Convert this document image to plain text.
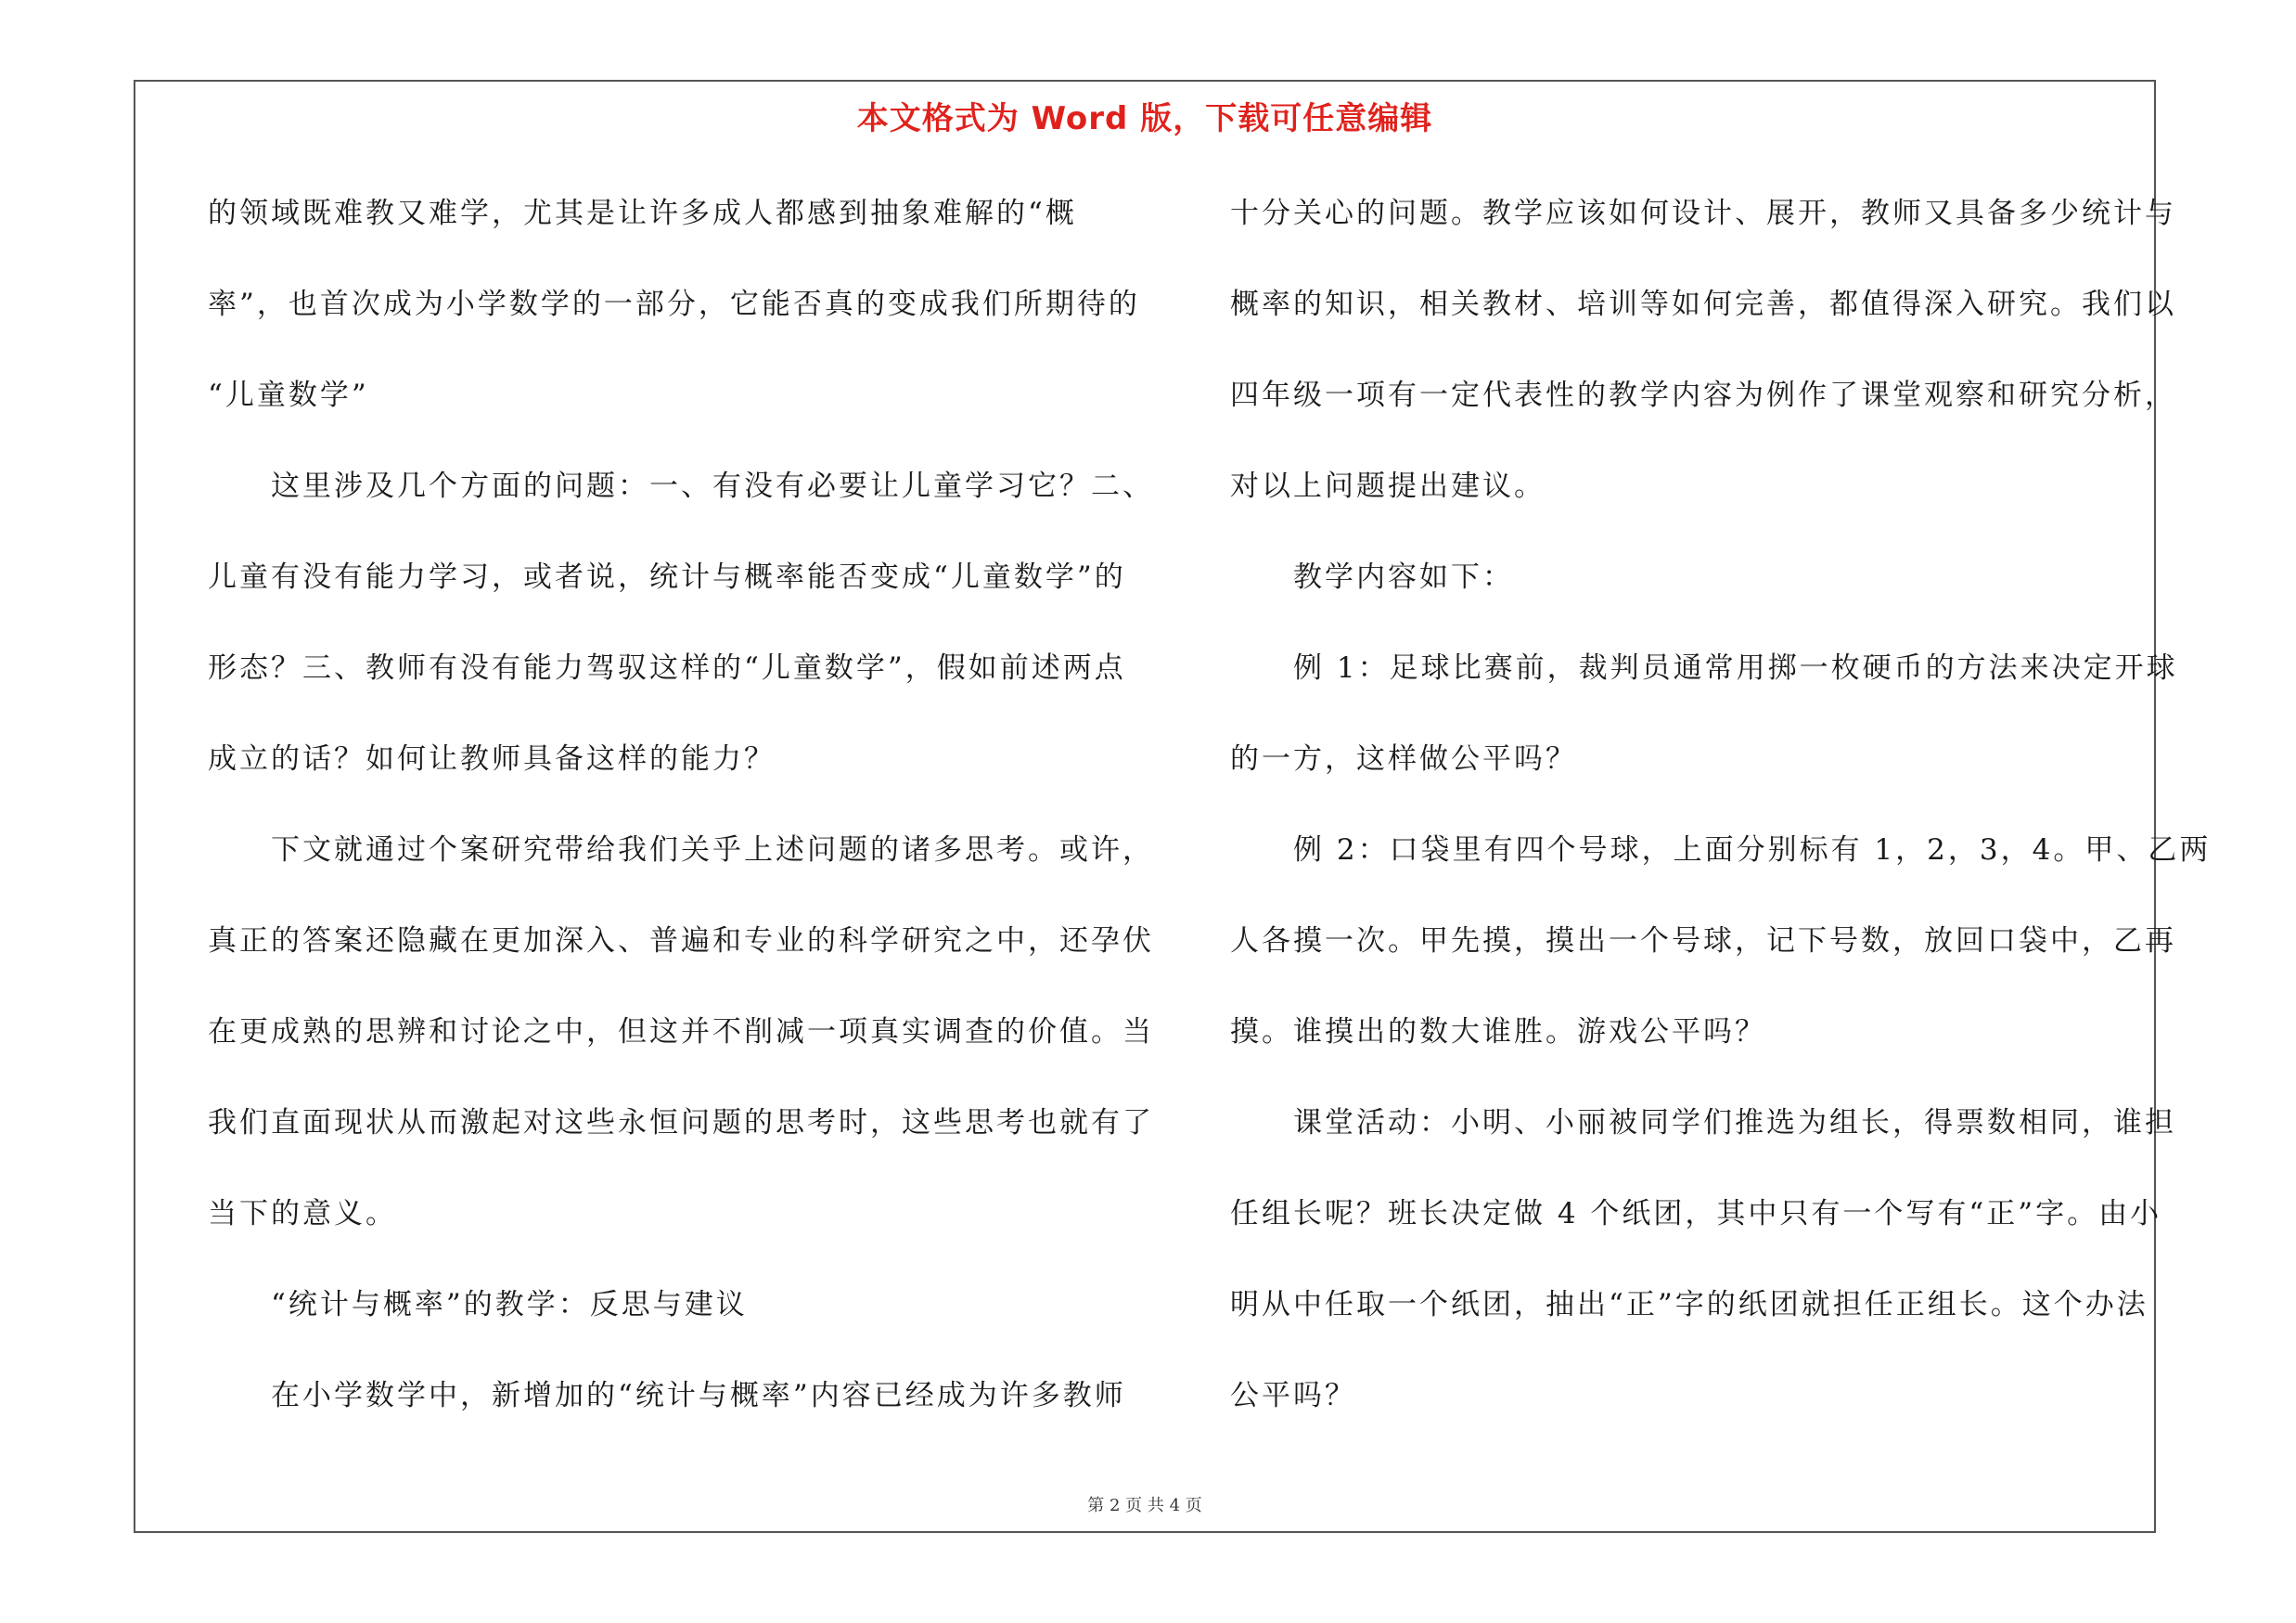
本文格式为 Word 版，下载可任意编辑
的领域既难教又难学，尤其是让许多成人都感到抽象难解的“概
率”，也首次成为小学数学的一部分，它能否真的变成我们所期待的
“儿童数学”
这里涉及几个方面的问题：一、有没有必要让儿童学习它？二、
儿童有没有能力学习，或者说，统计与概率能否变成“儿童数学”的
形态？三、教师有没有能力驾驭这样的“儿童数学”，假如前述两点
成立的话？如何让教师具备这样的能力？
下文就通过个案研究带给我们关乎上述问题的诸多思考。或许，
真正的答案还隐藏在更加深入、普遍和专业的科学研究之中，还孕伏
在更成熟的思辨和讨论之中，但这并不削减一项真实调查的价值。当
我们直面现状从而激起对这些永恒问题的思考时，这些思考也就有了
当下的意义。
“统计与概率”的教学：反思与建议
在小学数学中，新增加的“统计与概率”内容已经成为许多教师
十分关心的问题。教学应该如何设计、展开，教师又具备多少统计与
概率的知识，相关教材、培训等如何完善，都值得深入研究。我们以
四年级一项有一定代表性的教学内容为例作了课堂观察和研究分析，
对以上问题提出建议。
教学内容如下：
例 1：足球比赛前，裁判员通常用掷一枚硬币的方法来决定开球
的一方，这样做公平吗？
例 2：口袋里有四个号球，上面分别标有 1，2，3，4。甲、乙两
人各摸一次。甲先摸，摸出一个号球，记下号数，放回口袋中，乙再
摸。谁摸出的数大谁胜。游戏公平吗？
课堂活动：小明、小丽被同学们推选为组长，得票数相同，谁担
任组长呢？班长决定做 4 个纸团，其中只有一个写有“正”字。由小
明从中任取一个纸团，抽出“正”字的纸团就担任正组长。这个办法
公平吗？
第 2 页 共 4 页
